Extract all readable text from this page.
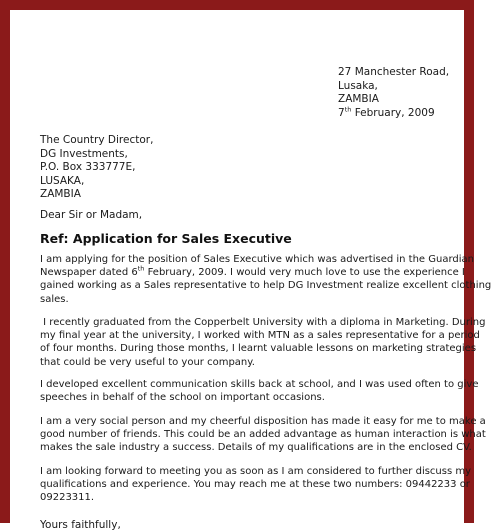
27 Manchester Road,
Lusaka,
ZAMBIA
7th February, 2009
The Country Director,
DG Investments,
P.O. Box 333777E,
LUSAKA,
ZAMBIA
Dear Sir or Madam,
Ref: Application for Sales Executive
I am applying for the position of Sales Executive which was advertised in the Guardian
Newspaper dated 6th February, 2009. I would very much love to use the experience I
gained working as a Sales representative to help DG Investment realize excellent clothing
sales.
I recently graduated from the Copperbelt University with a diploma in Marketing. During
my final year at the university, I worked with MTN as a sales representative for a period
of four months. During those months, I learnt valuable lessons on marketing strategies
that could be very useful to your company.
I developed excellent communication skills back at school, and I was used often to give
speeches in behalf of the school on important occasions.
I am a very social person and my cheerful disposition has made it easy for me to make a
good number of friends. This could be an added advantage as human interaction is what
makes the sale industry a success. Details of my qualifications are in the enclosed CV.
I am looking forward to meeting you as soon as I am considered to further discuss my
qualifications and experience. You may reach me at these two numbers: 09442233 or
09223311.
Yours faithfully,
